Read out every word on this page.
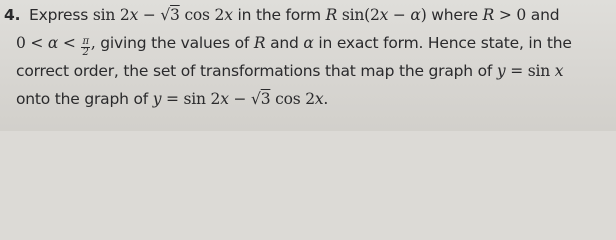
4. Express sin 2x − √3 cos 2x in the form R sin(2x − α) where R > 0 and
$0 < \alpha < \frac{\pi}{2}$ , giving the values of R and α in exact form. Hence state, in the
correct order, the set of transformations that map the graph of y = sin x
onto the graph of y = sin 2x − √3 cos 2x.
